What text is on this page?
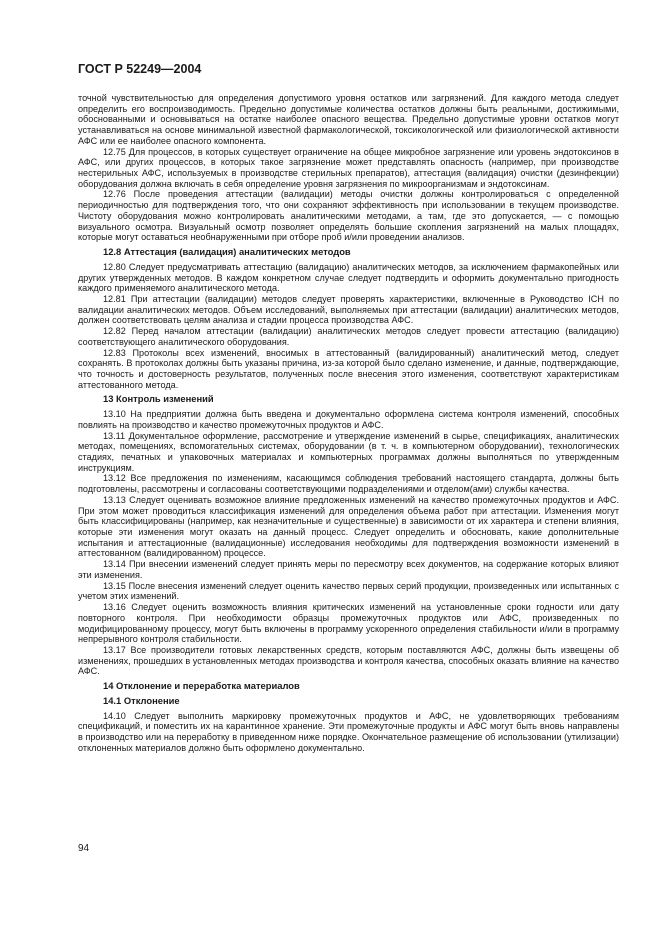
ГОСТ Р 52249—2004

точной чувствительностью для определения допустимого уровня остатков или загрязнений. Для каждого метода следует определить его воспроизводимость. Предельно допустимые количества остатков должны быть реальными, достижимыми, обоснованными и основываться на остатке наиболее опасного вещества. Предельно допустимые уровни остатков могут устанавливаться на основе минимальной известной фармакологической, токсикологической или физиологической активности АФС или ее наиболее опасного компонента.

12.75 Для процессов, в которых существует ограничение на общее микробное загрязнение или уровень эндотоксинов в АФС, или других процессов, в которых такое загрязнение может представлять опасность (например, при производстве нестерильных АФС, используемых в производстве стерильных препаратов), аттестация (валидация) очистки (дезинфекции) оборудования должна включать в себя определение уровня загрязнения по микроорганизмам и эндотоксинам.

12.76 После проведения аттестации (валидации) методы очистки должны контролироваться с определенной периодичностью для подтверждения того, что они сохраняют эффективность при использовании в текущем производстве. Чистоту оборудования можно контролировать аналитическими методами, а там, где это допускается, — с помощью визуального осмотра. Визуальный осмотр позволяет определять большие скопления загрязнений на малых площадях, которые могут оставаться необнаруженными при отборе проб и/или проведении анализов.

12.8 Аттестация (валидация) аналитических методов

12.80 Следует предусматривать аттестацию (валидацию) аналитических методов, за исключением фармакопейных или других утвержденных методов. В каждом конкретном случае следует подтвердить и оформить документально пригодность каждого применяемого аналитического метода.

12.81 При аттестации (валидации) методов следует проверять характеристики, включенные в Руководство ICH по валидации аналитических методов. Объем исследований, выполняемых при аттестации (валидации) аналитических методов, должен соответствовать целям анализа и стадии процесса производства АФС.

12.82 Перед началом аттестации (валидации) аналитических методов следует провести аттестацию (валидацию) соответствующего аналитического оборудования.

12.83 Протоколы всех изменений, вносимых в аттестованный (валидированный) аналитический метод, следует сохранять. В протоколах должны быть указаны причина, из-за которой было сделано изменение, и данные, подтверждающие, что точность и достоверность результатов, полученных после внесения этого изменения, соответствуют характеристикам аттестованного метода.

13 Контроль изменений

13.10 На предприятии должна быть введена и документально оформлена система контроля изменений, способных повлиять на производство и качество промежуточных продуктов и АФС.

13.11 Документальное оформление, рассмотрение и утверждение изменений в сырье, спецификациях, аналитических методах, помещениях, вспомогательных системах, оборудовании (в т. ч. в компьютерном оборудовании), технологических стадиях, печатных и упаковочных материалах и компьютерных программах должны выполняться по утвержденным инструкциям.

13.12 Все предложения по изменениям, касающимся соблюдения требований настоящего стандарта, должны быть подготовлены, рассмотрены и согласованы соответствующими подразделениями и отделом(ами) службы качества.

13.13 Следует оценивать возможное влияние предложенных изменений на качество промежуточных продуктов и АФС. При этом может проводиться классификация изменений для определения объема работ при аттестации. Изменения могут быть классифицированы (например, как незначительные и существенные) в зависимости от их характера и степени влияния, которые эти изменения могут оказать на данный процесс. Следует определить и обосновать, какие дополнительные испытания и аттестационные (валидационные) исследования необходимы для подтверждения возможности изменений в аттестованном (валидированном) процессе.

13.14 При внесении изменений следует принять меры по пересмотру всех документов, на содержание которых влияют эти изменения.

13.15 После внесения изменений следует оценить качество первых серий продукции, произведенных или испытанных с учетом этих изменений.

13.16 Следует оценить возможность влияния критических изменений на установленные сроки годности или дату повторного контроля. При необходимости образцы промежуточных продуктов или АФС, произведенных по модифицированному процессу, могут быть включены в программу ускоренного определения стабильности и/или в программу непрерывного контроля стабильности.

13.17 Все производители готовых лекарственных средств, которым поставляются АФС, должны быть извещены об изменениях, прошедших в установленных методах производства и контроля качества, способных оказать влияние на качество АФС.

14 Отклонение и переработка материалов

14.1 Отклонение

14.10 Следует выполнить маркировку промежуточных продуктов и АФС, не удовлетворяющих требованиям спецификаций, и поместить их на карантинное хранение. Эти промежуточные продукты и АФС могут быть вновь направлены в производство или на переработку в приведенном ниже порядке. Окончательное размещение об использовании (утилизации) отклоненных материалов должно быть оформлено документально.

94
